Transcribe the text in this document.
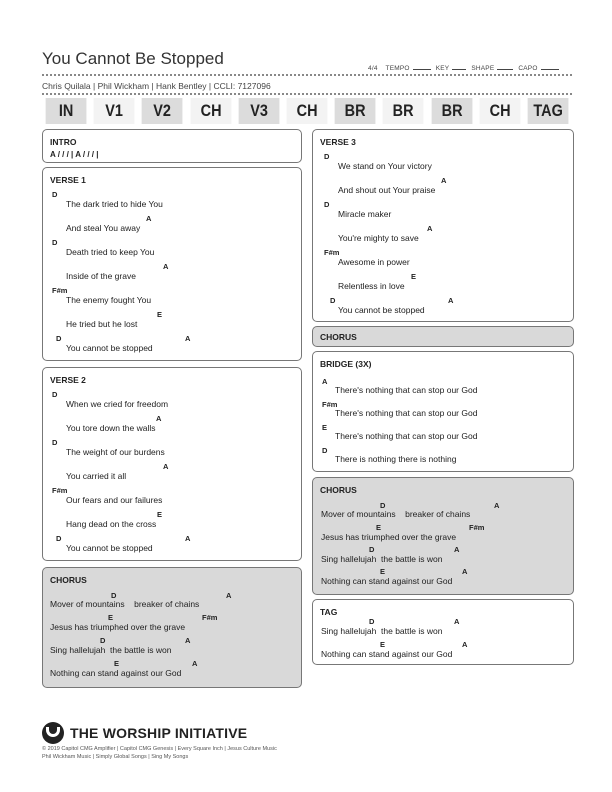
You Cannot Be Stopped
4/4 TEMPO	KEY	SHAPE	CAPO
Chris Quilala | Phil Wickham | Hank Bentley | CCLI: 7127096
IN	V1	V2	CH	V3	CH	BR	BR	BR	CH	TAG
INTRO
A / / / | A / / / |
VERSE 1
D
The dark tried to hide You
A
And steal You away
D
Death tried to keep You
A
Inside of the grave
F#m
The enemy fought You
E
He tried but he lost
D	A
You cannot be stopped
VERSE 2
D
When we cried for freedom
A
You tore down the walls
D
The weight of our burdens
A
You carried it all
F#m
Our fears and our failures
E
Hang dead on the cross
D	A
You cannot be stopped
CHORUS
D	A
Mover of mountains    breaker of chains
E	F#m
Jesus has triumphed over the grave
D	A
Sing hallelujah  the battle is won
E	A
Nothing can stand against our God
VERSE 3
D
We stand on Your victory
A
And shout out Your praise
D
Miracle maker
A
You're mighty to save
F#m
Awesome in power
E
Relentless in love
D	A
You cannot be stopped
CHORUS
BRIDGE (3X)
A
There's nothing that can stop our God
F#m
There's nothing that can stop our God
E
There's nothing that can stop our God
D
There is nothing there is nothing
CHORUS
D	A
Mover of mountains    breaker of chains
E	F#m
Jesus has triumphed over the grave
D	A
Sing hallelujah  the battle is won
E	A
Nothing can stand against our God
TAG
D	A
Sing hallelujah  the battle is won
E	A
Nothing can stand against our God
THE WORSHIP INITIATIVE
© 2019 Capitol CMG Amplifier | Capitol CMG Genesis | Every Square Inch | Jesus Culture Music
Phil Wickham Music | Simply Global Songs | Sing My Songs
